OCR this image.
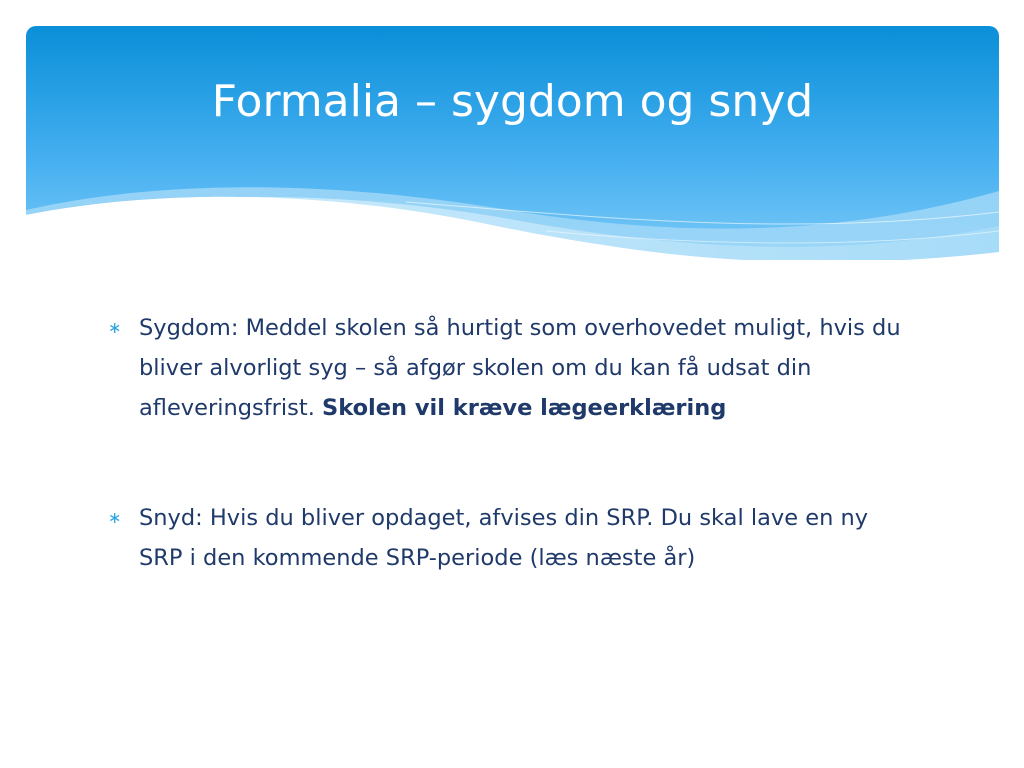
Formalia – sygdom og snyd
∗ Sygdom: Meddel skolen så hurtigt som overhovedet muligt, hvis du bliver alvorligt syg – så afgør skolen om du kan få udsat din afleveringsfrist. Skolen vil kræve lægeerklæring
∗ Snyd: Hvis du bliver opdaget, afvises din SRP. Du skal lave en ny SRP i den kommende SRP-periode (læs næste år)
